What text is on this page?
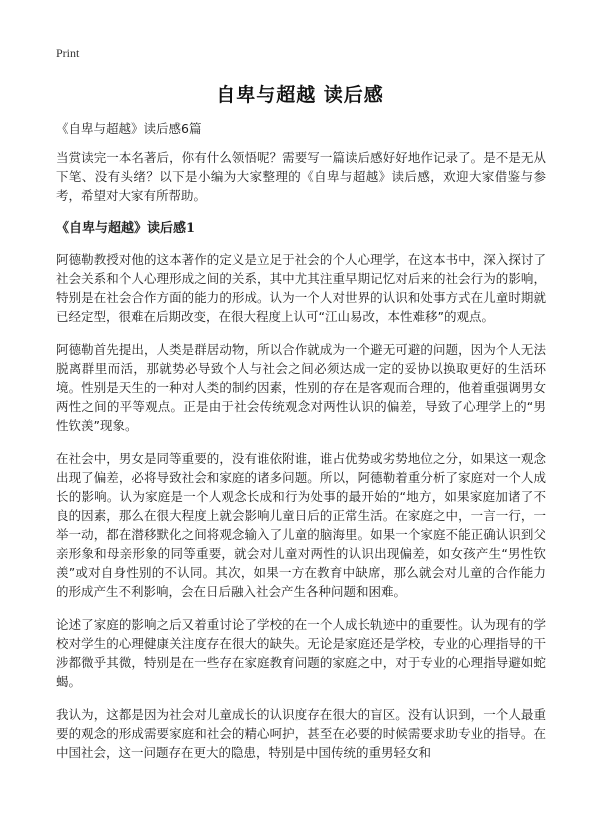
Print
自卑与超越 读后感

《自卑与超越》读后感6篇

当赏读完一本名著后，你有什么领悟呢？需要写一篇读后感好好地作记录了。是不是无从下笔、没有头绪？以下是小编为大家整理的《自卑与超越》读后感，欢迎大家借鉴与参考，希望对大家有所帮助。

《自卑与超越》读后感1

阿德勒教授对他的这本著作的定义是立足于社会的个人心理学，在这本书中，深入探讨了社会关系和个人心理形成之间的关系，其中尤其注重早期记忆对后来的社会行为的影响，特别是在社会合作方面的能力的形成。认为一个人对世界的认识和处事方式在儿童时期就已经定型，很难在后期改变，在很大程度上认可“江山易改，本性难移”的观点。

阿德勒首先提出，人类是群居动物，所以合作就成为一个避无可避的问题，因为个人无法脱离群里而活，那就势必导致个人与社会之间必须达成一定的妥协以换取更好的生活环境。性别是天生的一种对人类的制约因素，性别的存在是客观而合理的，他着重强调男女两性之间的平等观点。正是由于社会传统观念对两性认识的偏差，导致了心理学上的“男性钦羡”现象。

在社会中，男女是同等重要的，没有谁依附谁，谁占优势或劣势地位之分，如果这一观念出现了偏差，必将导致社会和家庭的诸多问题。所以，阿德勒着重分析了家庭对一个人成长的影响。认为家庭是一个人观念长成和行为处事的最开始的“地方，如果家庭加诸了不良的因素，那么在很大程度上就会影响儿童日后的正常生活。在家庭之中，一言一行，一举一动，都在潜移默化之间将观念输入了儿童的脑海里。如果一个家庭不能正确认识到父亲形象和母亲形象的同等重要，就会对儿童对两性的认识出现偏差，如女孩产生“男性钦羡”或对自身性别的不认同。其次，如果一方在教育中缺席，那么就会对儿童的合作能力的形成产生不利影响，会在日后融入社会产生各种问题和困难。

论述了家庭的影响之后又着重讨论了学校的在一个人成长轨迹中的重要性。认为现有的学校对学生的心理健康关注度存在很大的缺失。无论是家庭还是学校，专业的心理指导的干涉都微乎其微，特别是在一些存在家庭教育问题的家庭之中，对于专业的心理指导避如蛇蝎。

我认为，这都是因为社会对儿童成长的认识度存在很大的盲区。没有认识到，一个人最重要的观念的形成需要家庭和社会的精心呵护，甚至在必要的时候需要求助专业的指导。在中国社会，这一问题存在更大的隐患，特别是中国传统的重男轻女和
